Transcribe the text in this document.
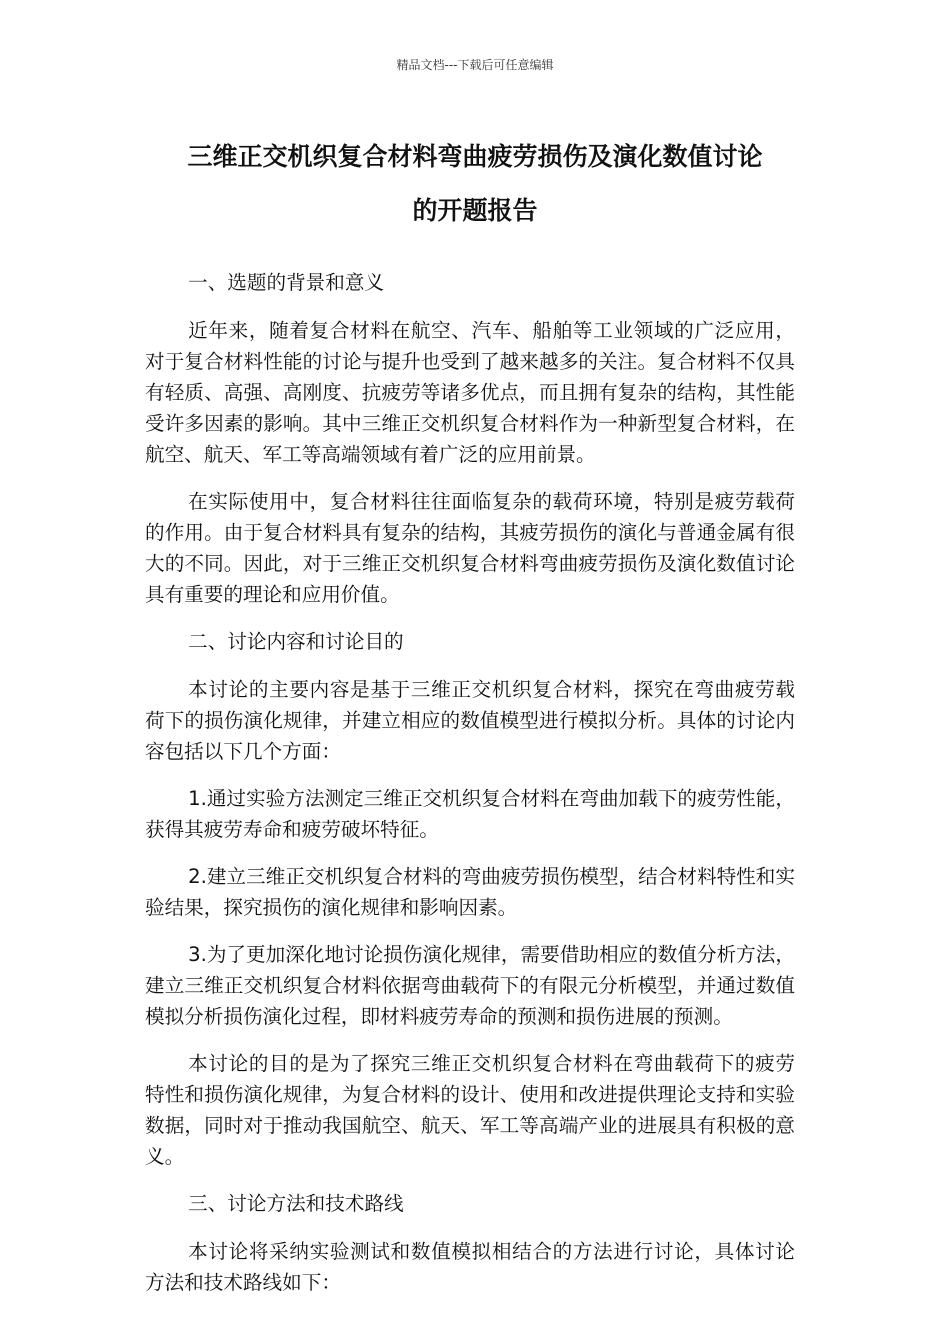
精品文档---下载后可任意编辑
三维正交机织复合材料弯曲疲劳损伤及演化数值讨论
的开题报告

一、选题的背景和意义

近年来，随着复合材料在航空、汽车、船舶等工业领域的广泛应用，对于复合材料性能的讨论与提升也受到了越来越多的关注。复合材料不仅具有轻质、高强、高刚度、抗疲劳等诸多优点，而且拥有复杂的结构，其性能受许多因素的影响。其中三维正交机织复合材料作为一种新型复合材料，在航空、航天、军工等高端领域有着广泛的应用前景。

在实际使用中，复合材料往往面临复杂的载荷环境，特别是疲劳载荷的作用。由于复合材料具有复杂的结构，其疲劳损伤的演化与普通金属有很大的不同。因此，对于三维正交机织复合材料弯曲疲劳损伤及演化数值讨论具有重要的理论和应用价值。

二、讨论内容和讨论目的

本讨论的主要内容是基于三维正交机织复合材料，探究在弯曲疲劳载荷下的损伤演化规律，并建立相应的数值模型进行模拟分析。具体的讨论内容包括以下几个方面：

1.通过实验方法测定三维正交机织复合材料在弯曲加载下的疲劳性能，获得其疲劳寿命和疲劳破坏特征。

2.建立三维正交机织复合材料的弯曲疲劳损伤模型，结合材料特性和实验结果，探究损伤的演化规律和影响因素。

3.为了更加深化地讨论损伤演化规律，需要借助相应的数值分析方法，建立三维正交机织复合材料依据弯曲载荷下的有限元分析模型，并通过数值模拟分析损伤演化过程，即材料疲劳寿命的预测和损伤进展的预测。

本讨论的目的是为了探究三维正交机织复合材料在弯曲载荷下的疲劳特性和损伤演化规律，为复合材料的设计、使用和改进提供理论支持和实验数据，同时对于推动我国航空、航天、军工等高端产业的进展具有积极的意义。

三、讨论方法和技术路线

本讨论将采纳实验测试和数值模拟相结合的方法进行讨论，具体讨论方法和技术路线如下：
